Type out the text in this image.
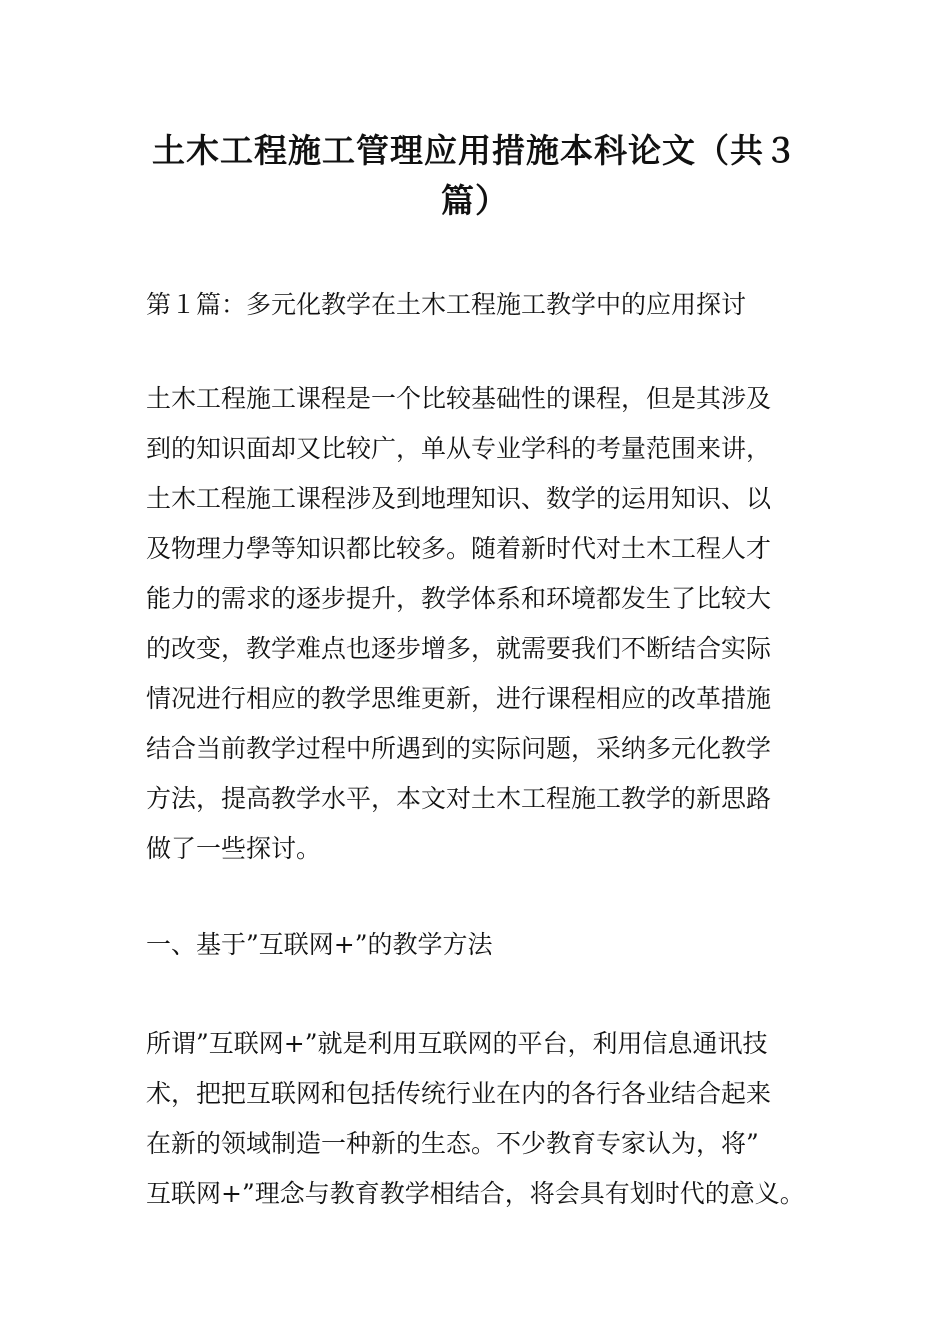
土木工程施工管理应用措施本科论文（共３
篇）

第１篇：多元化教学在土木工程施工教学中的应用探讨

土木工程施工课程是一个比较基础性的课程，但是其涉及
到的知识面却又比较广，单从专业学科的考量范围来讲，
土木工程施工课程涉及到地理知识、数学的运用知识、以
及物理力學等知识都比较多。随着新时代对土木工程人才
能力的需求的逐步提升，教学体系和环境都发生了比较大
的改变，教学难点也逐步增多，就需要我们不断结合实际
情况进行相应的教学思维更新，进行课程相应的改革措施
结合当前教学过程中所遇到的实际问题，采纳多元化教学
方法，提高教学水平，本文对土木工程施工教学的新思路
做了一些探讨。

一、基于”互联网+”的教学方法

所谓”互联网+”就是利用互联网的平台，利用信息通讯技
术，把把互联网和包括传统行业在内的各行各业结合起来
在新的领域制造一种新的生态。不少教育专家认为，将”
互联网+”理念与教育教学相结合，将会具有划时代的意义。
